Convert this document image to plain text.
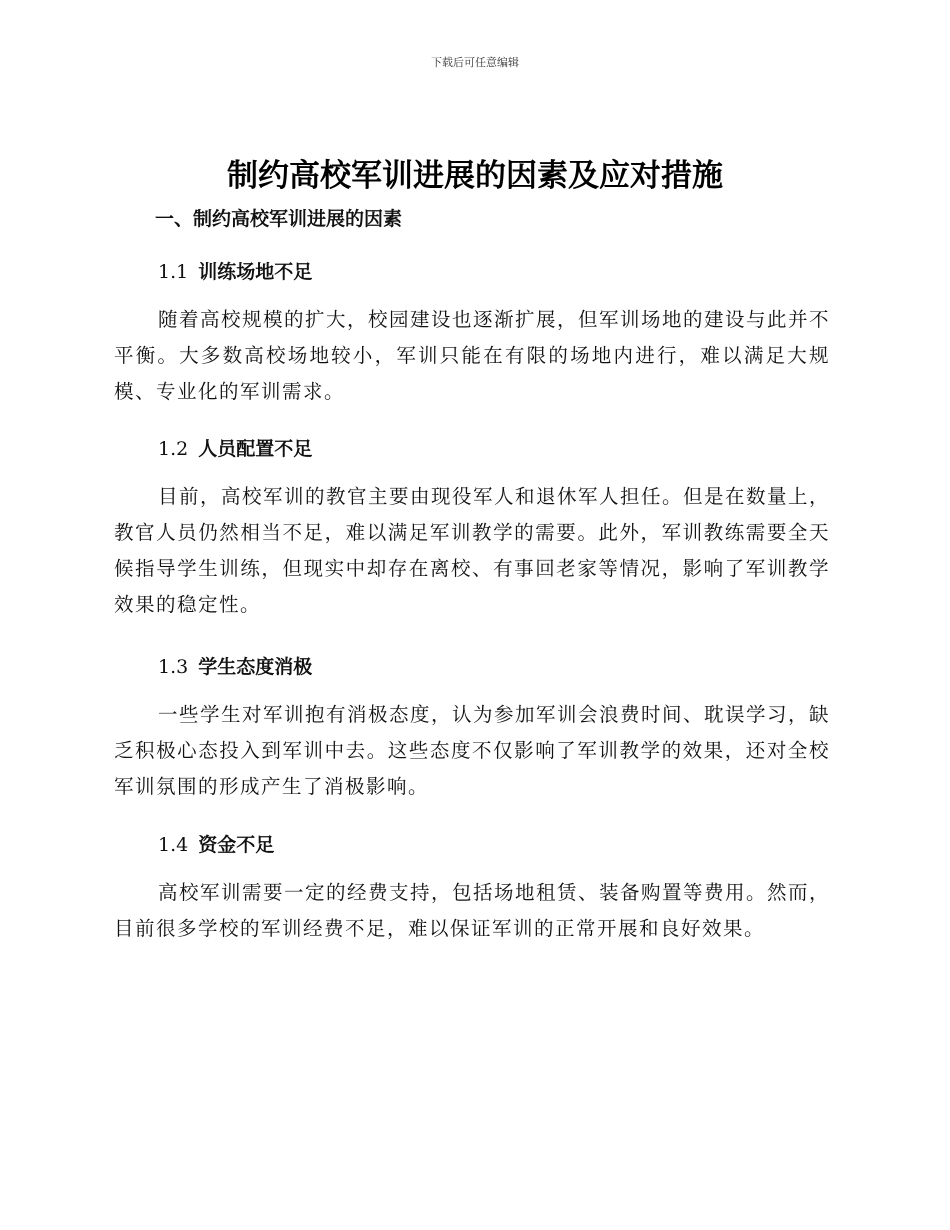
下载后可任意编辑
制约高校军训进展的因素及应对措施
一、制约高校军训进展的因素
1.1 训练场地不足
随着高校规模的扩大，校园建设也逐渐扩展，但军训场地的建设与此并不平衡。大多数高校场地较小，军训只能在有限的场地内进行，难以满足大规模、专业化的军训需求。
1.2 人员配置不足
目前，高校军训的教官主要由现役军人和退休军人担任。但是在数量上，教官人员仍然相当不足，难以满足军训教学的需要。此外，军训教练需要全天候指导学生训练，但现实中却存在离校、有事回老家等情况，影响了军训教学效果的稳定性。
1.3 学生态度消极
一些学生对军训抱有消极态度，认为参加军训会浪费时间、耽误学习，缺乏积极心态投入到军训中去。这些态度不仅影响了军训教学的效果，还对全校军训氛围的形成产生了消极影响。
1.4 资金不足
高校军训需要一定的经费支持，包括场地租赁、装备购置等费用。然而，目前很多学校的军训经费不足，难以保证军训的正常开展和良好效果。
